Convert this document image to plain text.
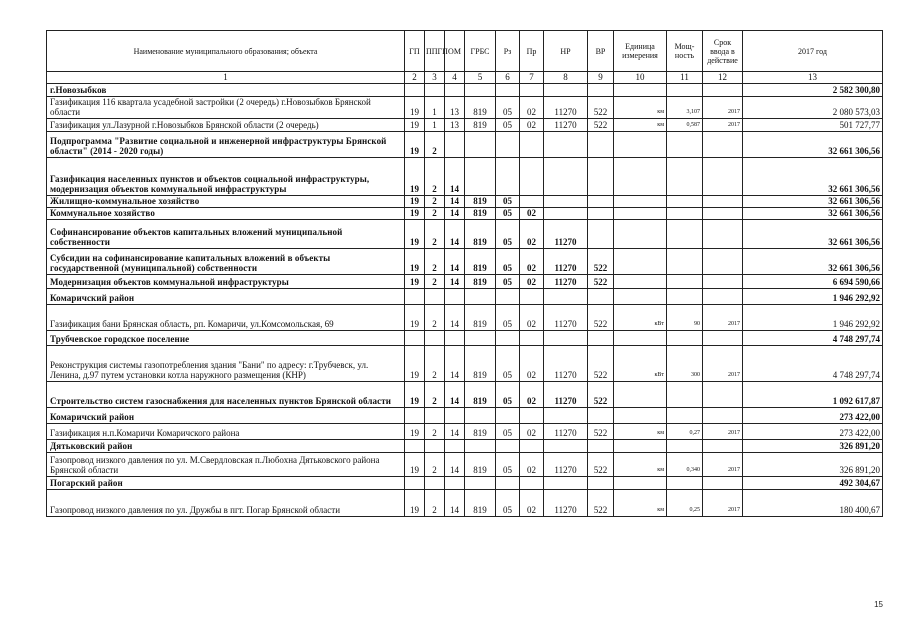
Наименование муниципального образования; объекта	ГП	ППГП	ОМ	ГРБС	Рз	Пр	НР	ВР	Единица измерения	Мощ-ность	Срок ввода в действие	2017 год
1	2	3	4	5	6	7	8	9	10	11	12	13
г.Новозыбков												2 582 300,80
Газификация 116 квартала усадебной застройки (2 очередь) г.Новозыбков Брянской области	19	1	13	819	05	02	11270	522	км	3,107	2017	2 080 573,03
Газификация ул.Лазурной г.Новозыбков Брянской области (2 очередь)	19	1	13	819	05	02	11270	522	км	0,587	2017	501 727,77
Подпрограмма "Развитие социальной и инженерной инфраструктуры Брянской области" (2014 - 2020 годы)	19	2										32 661 306,56
Газификация населенных пунктов и объектов социальной инфраструктуры, модернизация объектов коммунальной инфраструктуры	19	2	14									32 661 306,56
Жилищно-коммунальное хозяйство	19	2	14	819	05							32 661 306,56
Коммунальное хозяйство	19	2	14	819	05	02						32 661 306,56
Софинансирование объектов капитальных вложений муниципальной собственности	19	2	14	819	05	02	11270					32 661 306,56
Субсидии на софинансирование капитальных вложений в объекты государственной (муниципальной) собственности	19	2	14	819	05	02	11270	522				32 661 306,56
Модернизация объектов коммунальной инфраструктуры	19	2	14	819	05	02	11270	522				6 694 590,66
Комаричский район												1 946 292,92
Газификация бани Брянская область, рп. Комаричи, ул.Комсомольская, 69	19	2	14	819	05	02	11270	522	кВт	90	2017	1 946 292,92
Трубчевское городское поселение												4 748 297,74
Реконструкция системы газопотребления здания "Бани" по адресу: г.Трубчевск, ул. Ленина, д.97 путем установки котла наружного размещения (КНР)	19	2	14	819	05	02	11270	522	кВт	300	2017	4 748 297,74
Строительство систем газоснабжения для населенных пунктов Брянской области	19	2	14	819	05	02	11270	522				1 092 617,87
Комаричский район												273 422,00
Газификация н.п.Комаричи Комаричского района	19	2	14	819	05	02	11270	522	км	0,27	2017	273 422,00
Дятьковский район												326 891,20
Газопровод низкого давления по ул. М.Свердловская п.Любохна Дятьковского района Брянской области	19	2	14	819	05	02	11270	522	км	0,340	2017	326 891,20
Погарский район												492 304,67
Газопровод низкого давления по ул. Дружбы в пгт. Погар Брянской области	19	2	14	819	05	02	11270	522	км	0,25	2017	180 400,67
15
